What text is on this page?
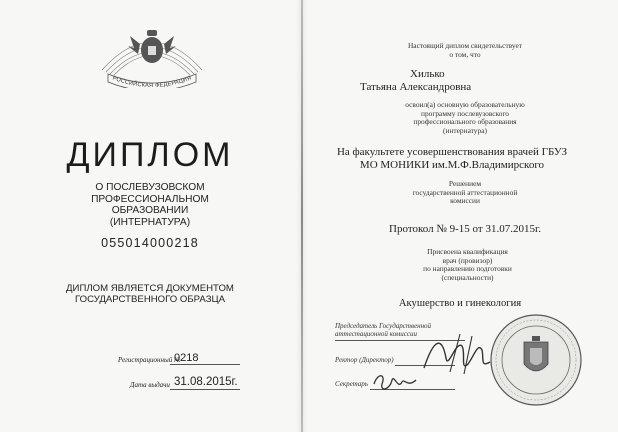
РОССИЙСКАЯ ФЕДЕРАЦИЯ
ДИПЛОМ
О ПОСЛЕВУЗОВСКОМ
ПРОФЕССИОНАЛЬНОМ ОБРАЗОВАНИИ
(ИНТЕРНАТУРА)
055014000218
ДИПЛОМ ЯВЛЯЕТСЯ ДОКУМЕНТОМ
ГОСУДАРСТВЕННОГО ОБРАЗЦА
Регистрационный №
0218
Дата выдачи 31.08.2015г.
Настоящий диплом свидетельствует
о том, что
Хилько
Татьяна Александровна
освоил(а) основную образовательную
программу послевузовского
профессионального образования
(интернатура)
На факультете усовершенствования врачей ГБУЗ
МО МОНИКИ им.М.Ф.Владимирского
Решением
государственной аттестационной
комиссии
Протокол № 9-15 от 31.07.2015г.
Присвоена квалификация
врач (провизор)
по направлению подготовки
(специальности)
Акушерство и гинекология
Председатель Государственной
аттестационной комиссии
Ректор (Директор)
Секретарь
